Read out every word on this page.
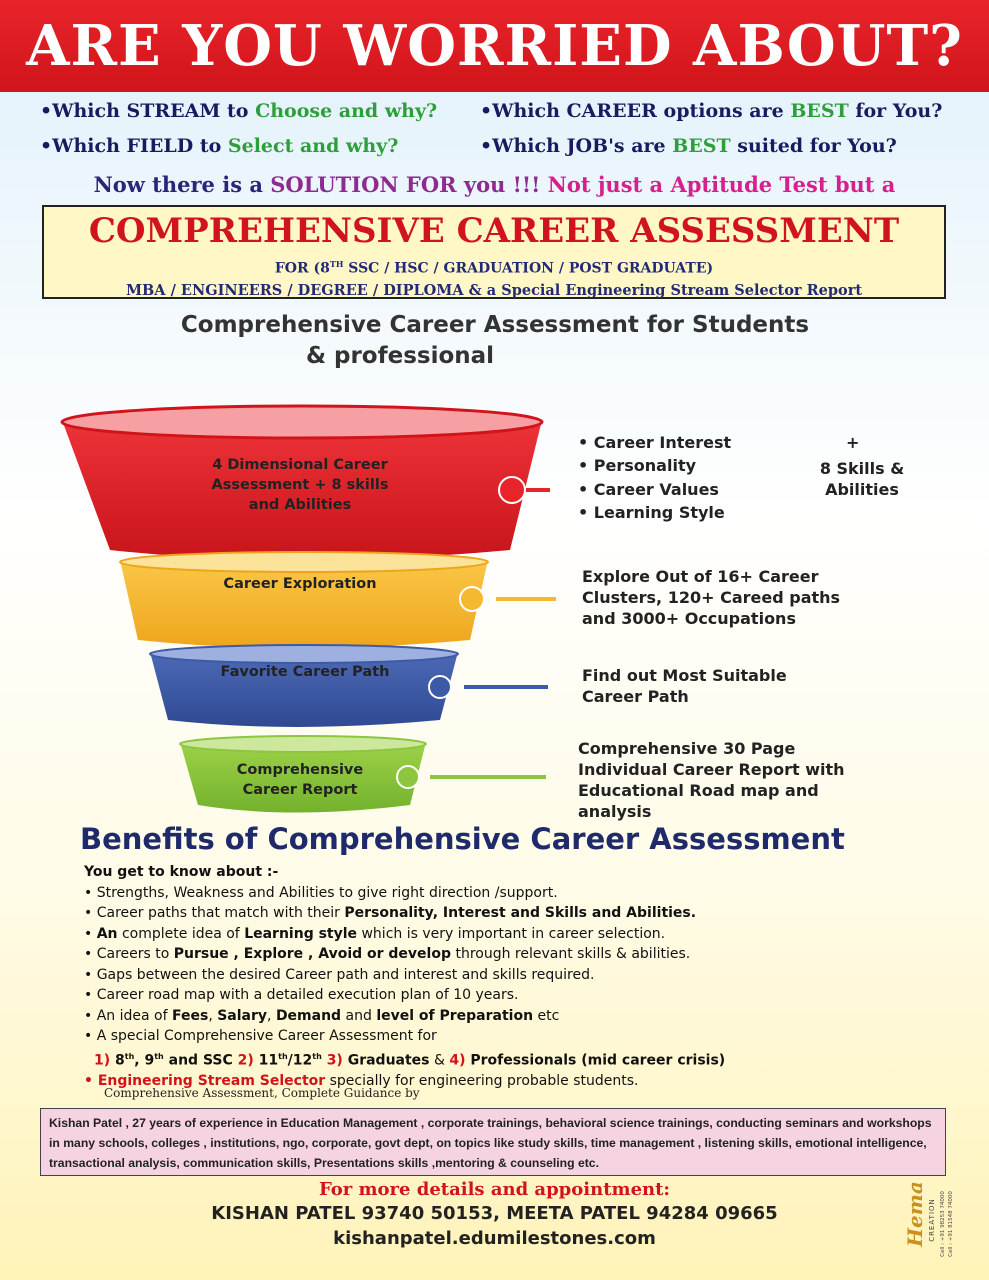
ARE YOU WORRIED ABOUT?
•Which STREAM to Choose and why? •Which CAREER options are BEST for You?
•Which FIELD to Select and why?	•Which JOB's are BEST suited for You?
Now there is a SOLUTION FOR you !!! Not just a Aptitude Test but a
COMPREHENSIVE CAREER ASSESSMENT
FOR (8TH SSC / HSC / GRADUATION / POST GRADUATE)
MBA / ENGINEERS / DEGREE / DIPLOMA & a Special Engineering Stream Selector Report
Comprehensive Career Assessment for Students
& professional
4 Dimensional Career
Assessment + 8 skills
and Abilities
Career Exploration
Favorite Career Path
Comprehensive
Career Report
• Career Interest
• Personality
• Career Values
• Learning Style
+
8 Skills &
Abilities
Explore Out of 16+ Career
Clusters, 120+ Careed paths
and 3000+ Occupations
Find out Most Suitable
Career Path
Comprehensive 30 Page
Individual Career Report with
Educational Road map and
analysis
Benefits of Comprehensive Career Assessment
You get to know about :-
• Strengths, Weakness and Abilities to give right direction /support.
• Career paths that match with their Personality, Interest and Skills and Abilities.
• An complete idea of Learning style which is very important in career selection.
• Careers to Pursue , Explore , Avoid or develop through relevant skills & abilities.
• Gaps between the desired Career path and interest and skills required.
• Career road map with a detailed execution plan of 10 years.
• An idea of Fees, Salary, Demand and level of Preparation etc
• A special Comprehensive Career Assessment for
1) 8th, 9th and SSC 2) 11th/12th 3) Graduates & 4) Professionals (mid career crisis)
• Engineering Stream Selector specially for engineering probable students.
Comprehensive Assessment, Complete Guidance by
Kishan Patel , 27 years of experience in Education Management , corporate trainings, behavioral science trainings, conducting seminars and workshops in many schools, colleges , institutions, ngo, corporate, govt dept, on topics like study skills, time management , listening skills, emotional intelligence, transactional analysis, communication skills, Presentations skills ,mentoring & counseling etc.
For more details and appointment:
KISHAN PATEL 93740 50153, MEETA PATEL 94284 09665
kishanpatel.edumilestones.com	Hema CREATION Cell : +91 98253 74000 Cell : +91 81548 74000
